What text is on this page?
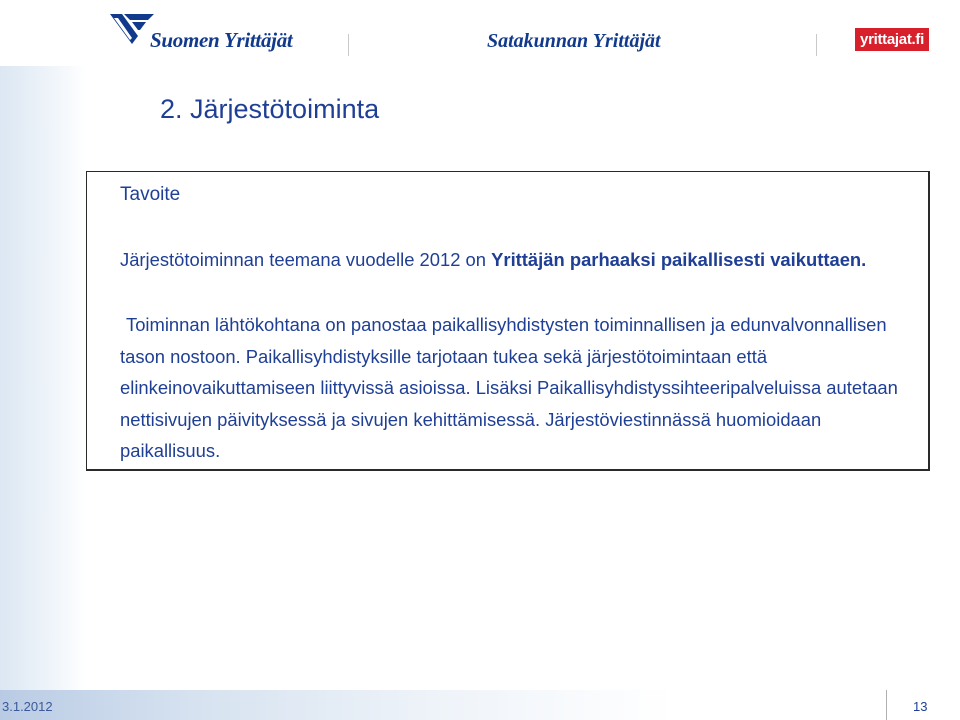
Suomen Yrittäjät	Satakunnan Yrittäjät	yrittajat.fi
2. Järjestötoiminta
Tavoite
Järjestötoiminnan teemana vuodelle 2012 on Yrittäjän parhaaksi paikallisesti vaikuttaen.
Toiminnan lähtökohtana on panostaa paikallisyhdistysten toiminnallisen ja edunvalvonnallisen tason nostoon. Paikallisyhdistyksille tarjotaan tukea sekä järjestötoimintaan että elinkeinovaikuttamiseen liittyvissä asioissa. Lisäksi Paikallisyhdistyssihteeripalveluissa autetaan nettisivujen päivityksessä ja sivujen kehittämisessä. Järjestöviestinnässä huomioidaan paikallisuus.
3.1.2012	13
